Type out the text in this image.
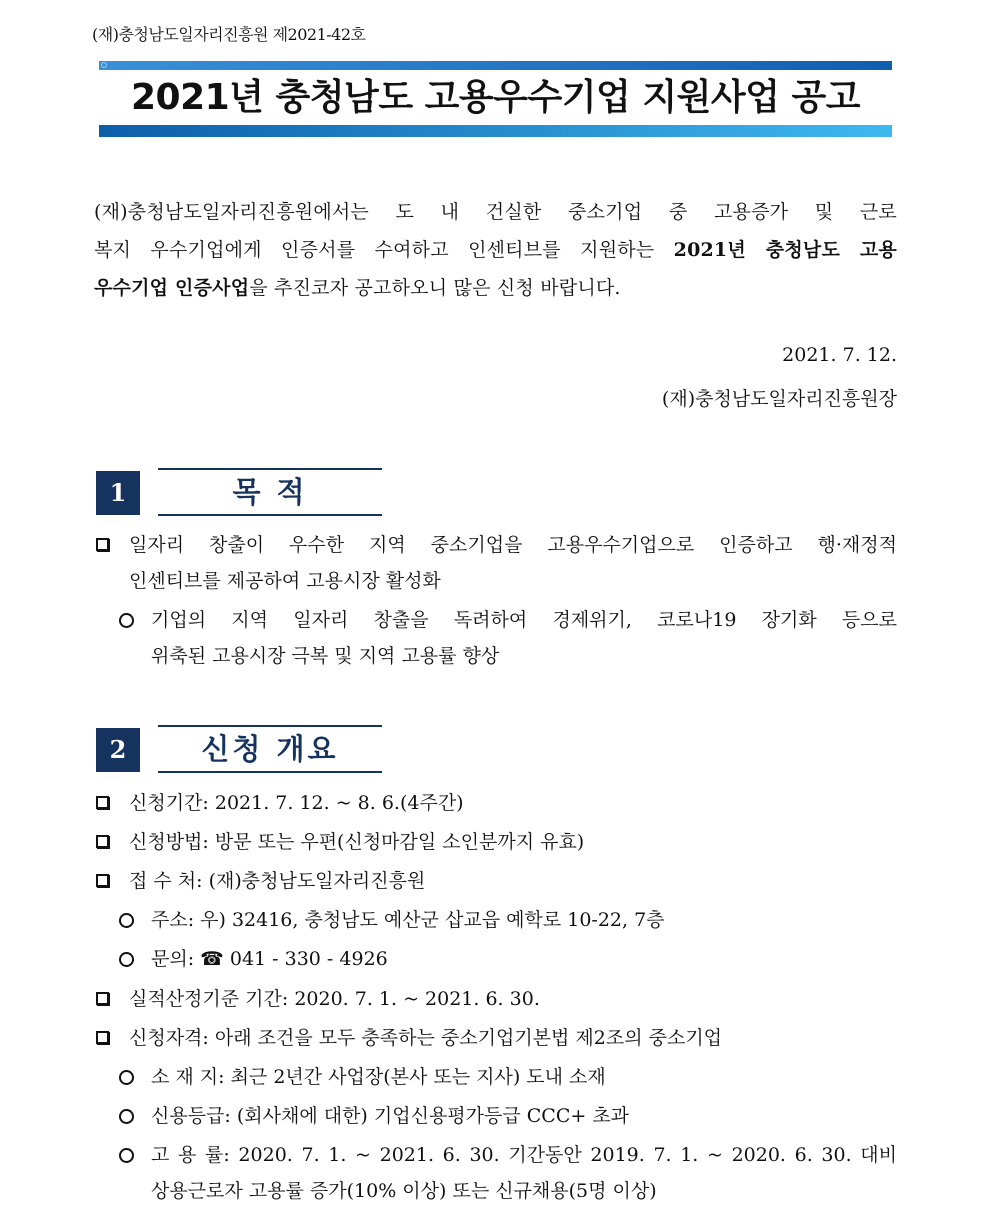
(재)충청남도일자리진흥원 제2021-42호
2021년 충청남도 고용우수기업 지원사업 공고
(재)충청남도일자리진흥원에서는 도 내 건실한 중소기업 중 고용증가 및 근로
복지 우수기업에게 인증서를 수여하고 인센티브를 지원하는 2021년 충청남도 고용
우수기업 인증사업을 추진코자 공고하오니 많은 신청 바랍니다.
2021. 7. 12.
(재)충청남도일자리진흥원장
1	목 적
일자리 창출이 우수한 지역 중소기업을 고용우수기업으로 인증하고 행·재정적
인센티브를 제공하여 고용시장 활성화
기업의 지역 일자리 창출을 독려하여 경제위기, 코로나19 장기화 등으로
위축된 고용시장 극복 및 지역 고용률 향상
2	신청 개요
신청기간: 2021. 7. 12. ~ 8. 6.(4주간)
신청방법: 방문 또는 우편(신청마감일 소인분까지 유효)
접 수 처: (재)충청남도일자리진흥원
주소: 우) 32416, 충청남도 예산군 삽교읍 예학로 10-22, 7층
문의: ☎ 041 - 330 - 4926
실적산정기준 기간: 2020. 7. 1. ~ 2021. 6. 30.
신청자격: 아래 조건을 모두 충족하는 중소기업기본법 제2조의 중소기업
소 재 지: 최근 2년간 사업장(본사 또는 지사) 도내 소재
신용등급: (회사채에 대한) 기업신용평가등급 CCC+ 초과
고 용 률: 2020. 7. 1. ~ 2021. 6. 30. 기간동안 2019. 7. 1. ~ 2020. 6. 30. 대비
상용근로자 고용률 증가(10% 이상) 또는 신규채용(5명 이상)
